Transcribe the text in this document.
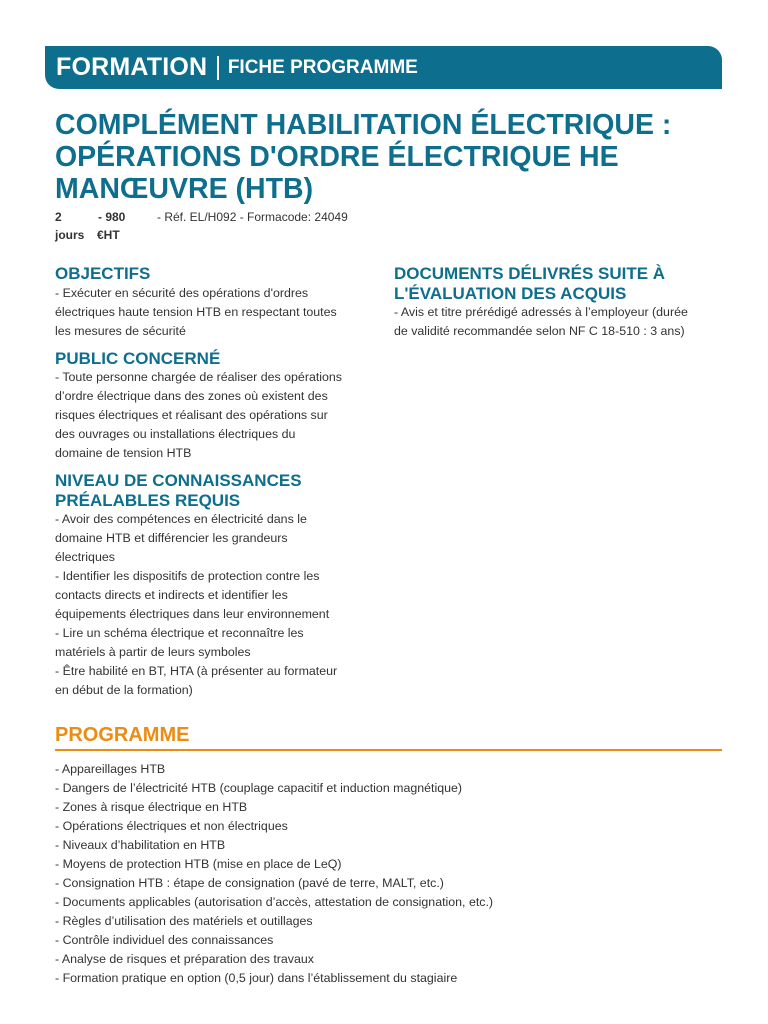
FORMATION FICHE PROGRAMME
COMPLÉMENT HABILITATION ÉLECTRIQUE : OPÉRATIONS D'ORDRE ÉLECTRIQUE HE MANŒUVRE (HTB)
2
jours
- 980
€HT
- Réf. EL/H092 - Formacode: 24049
OBJECTIFS
- Exécuter en sécurité des opérations d'ordres
électriques haute tension HTB en respectant toutes
les mesures de sécurité
PUBLIC CONCERNÉ
- Toute personne chargée de réaliser des opérations
d’ordre électrique dans des zones où existent des
risques électriques et réalisant des opérations sur
des ouvrages ou installations électriques du
domaine de tension HTB
NIVEAU DE CONNAISSANCES
PRÉALABLES REQUIS
- Avoir des compétences en électricité dans le
domaine HTB et différencier les grandeurs
électriques
- Identifier les dispositifs de protection contre les
contacts directs et indirects et identifier les
équipements électriques dans leur environnement
- Lire un schéma électrique et reconnaître les
matériels à partir de leurs symboles
- Être habilité en BT, HTA (à présenter au formateur
en début de la formation)
DOCUMENTS DÉLIVRÉS SUITE À
L'ÉVALUATION DES ACQUIS
- Avis et titre prérédigé adressés à l’employeur (durée
de validité recommandée selon NF C 18-510 : 3 ans)
PROGRAMME
- Appareillages HTB
- Dangers de l’électricité HTB (couplage capacitif et induction magnétique)
- Zones à risque électrique en HTB
- Opérations électriques et non électriques
- Niveaux d’habilitation en HTB
- Moyens de protection HTB (mise en place de LeQ)
- Consignation HTB : étape de consignation (pavé de terre, MALT, etc.)
- Documents applicables (autorisation d’accès, attestation de consignation, etc.)
- Règles d’utilisation des matériels et outillages
- Contrôle individuel des connaissances
- Analyse de risques et préparation des travaux
- Formation pratique en option (0,5 jour) dans l’établissement du stagiaire
